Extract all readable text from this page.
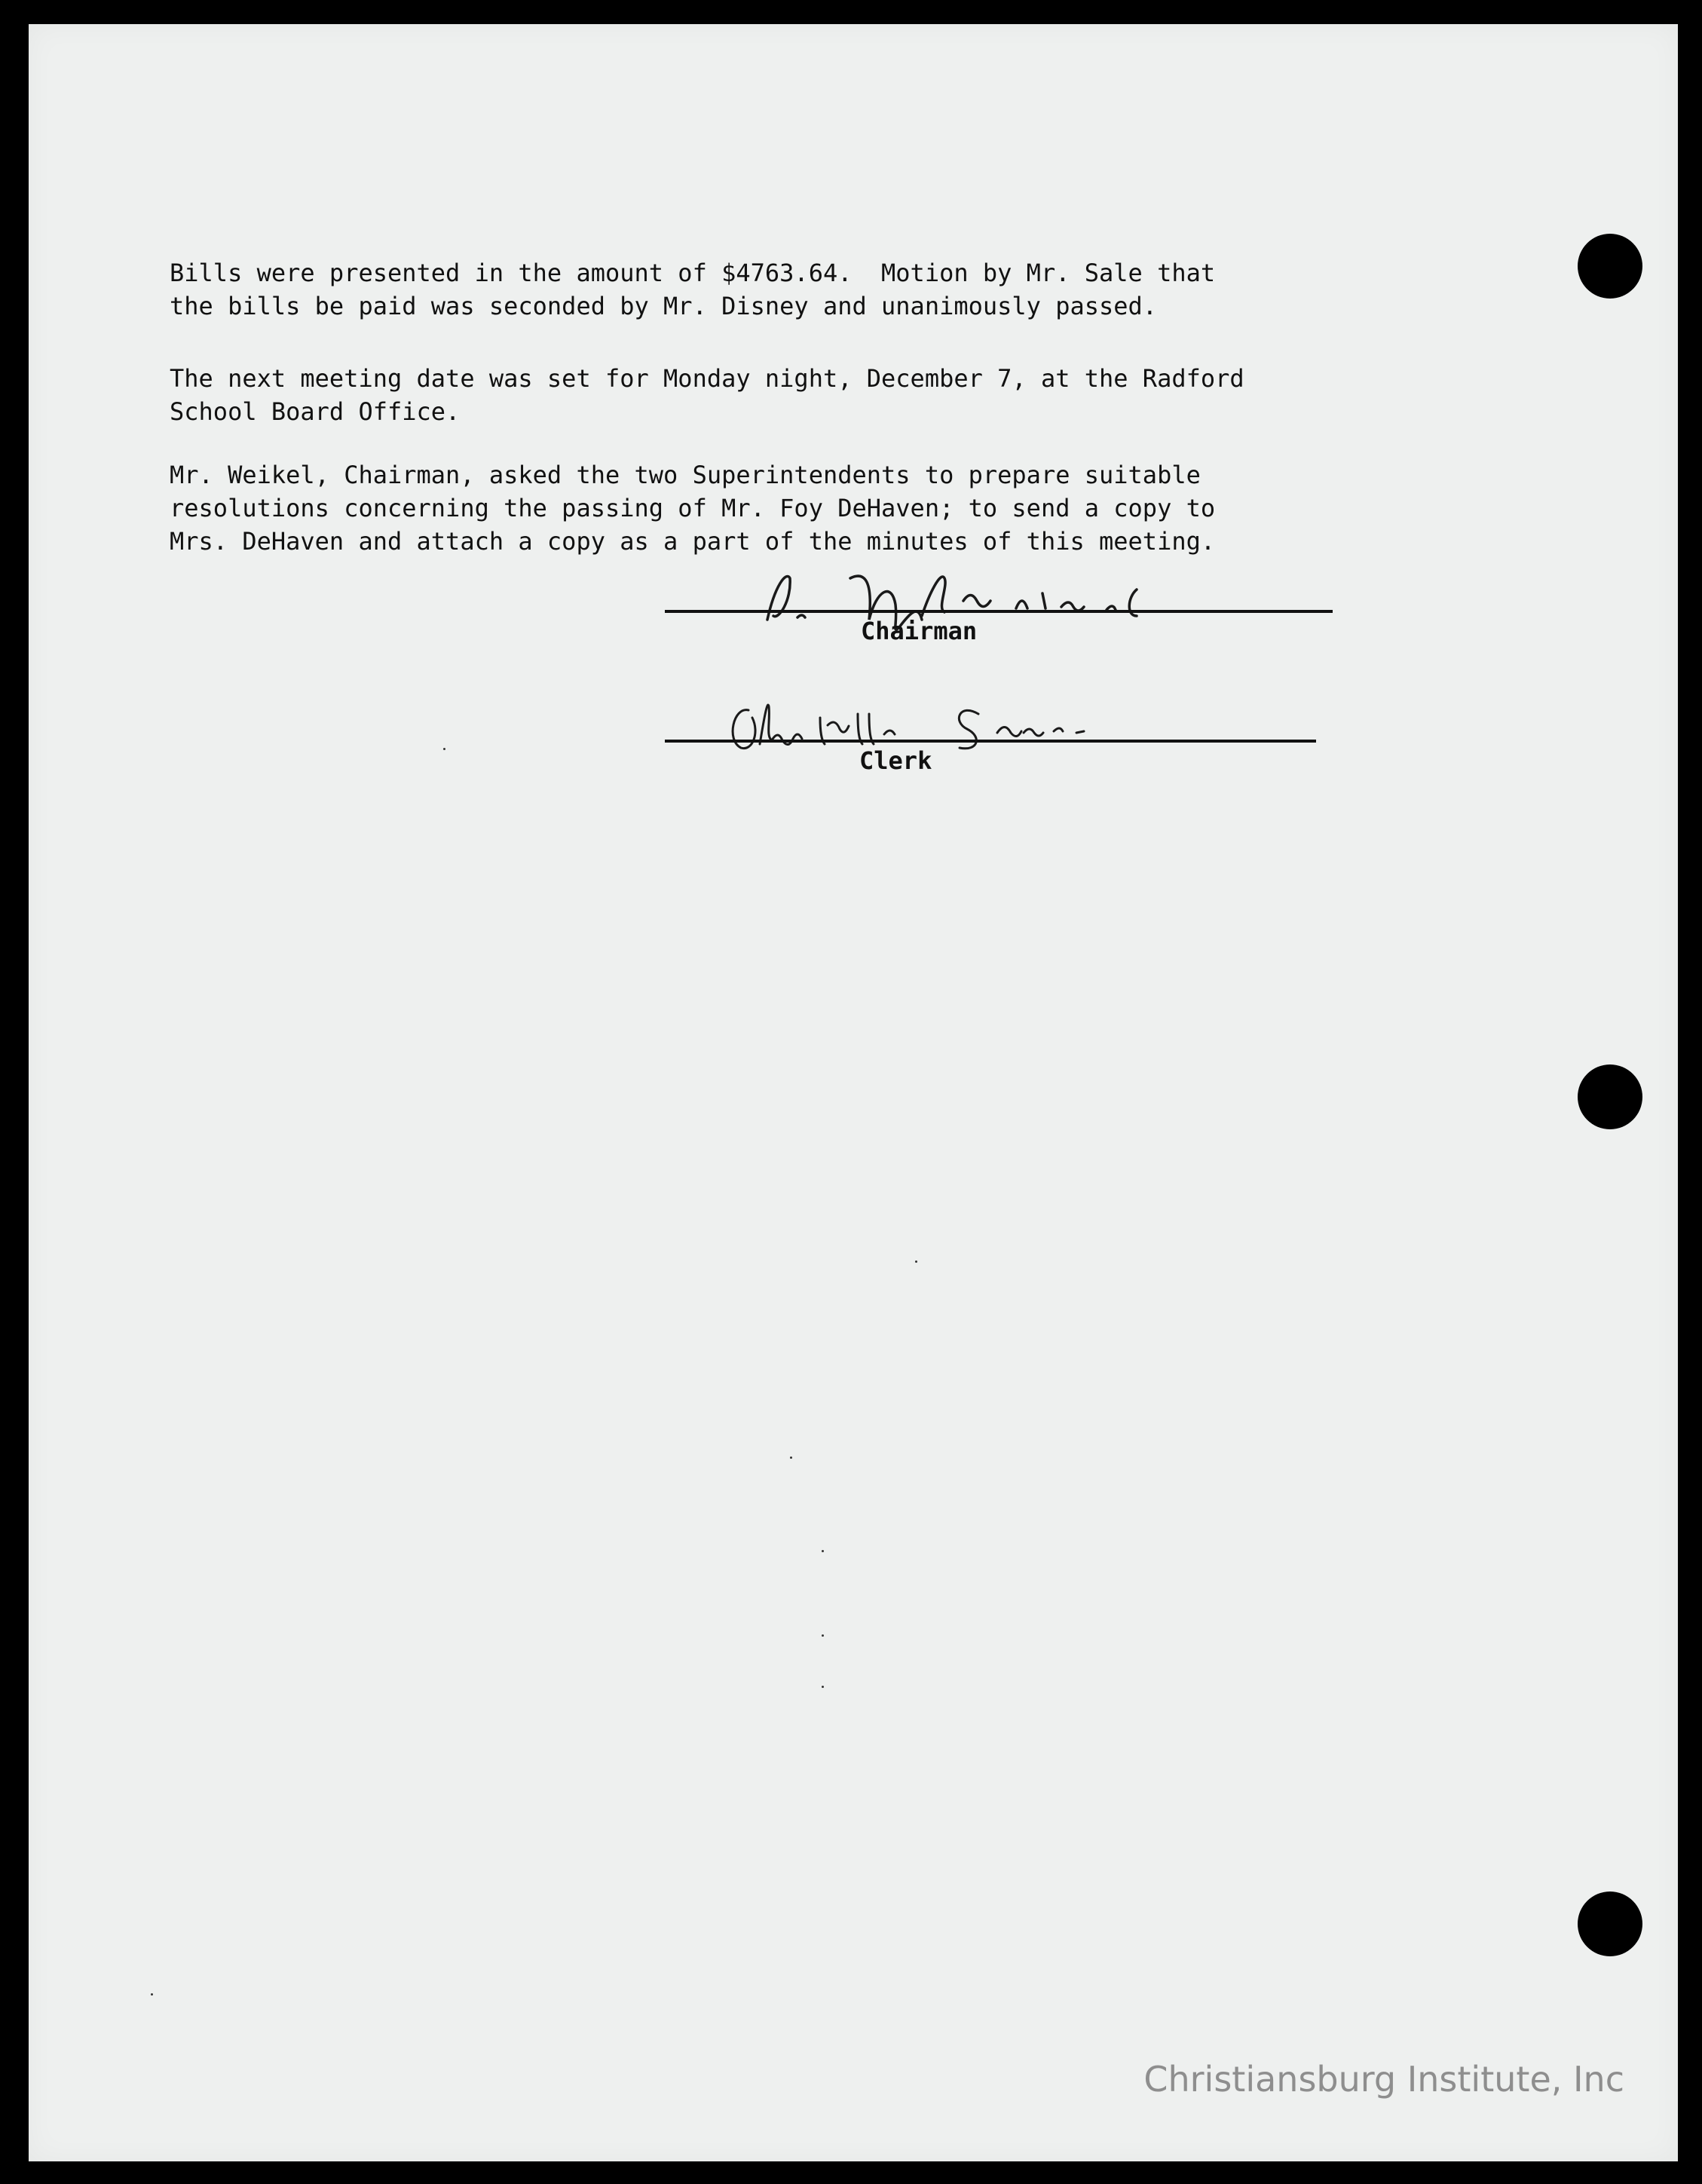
Bills were presented in the amount of $4763.64.  Motion by Mr. Sale that
the bills be paid was seconded by Mr. Disney and unanimously passed.
The next meeting date was set for Monday night, December 7, at the Radford
School Board Office.
Mr. Weikel, Chairman, asked the two Superintendents to prepare suitable
resolutions concerning the passing of Mr. Foy DeHaven; to send a copy to
Mrs. DeHaven and attach a copy as a part of the minutes of this meeting.
Chairman
Clerk
Christiansburg Institute, Inc
